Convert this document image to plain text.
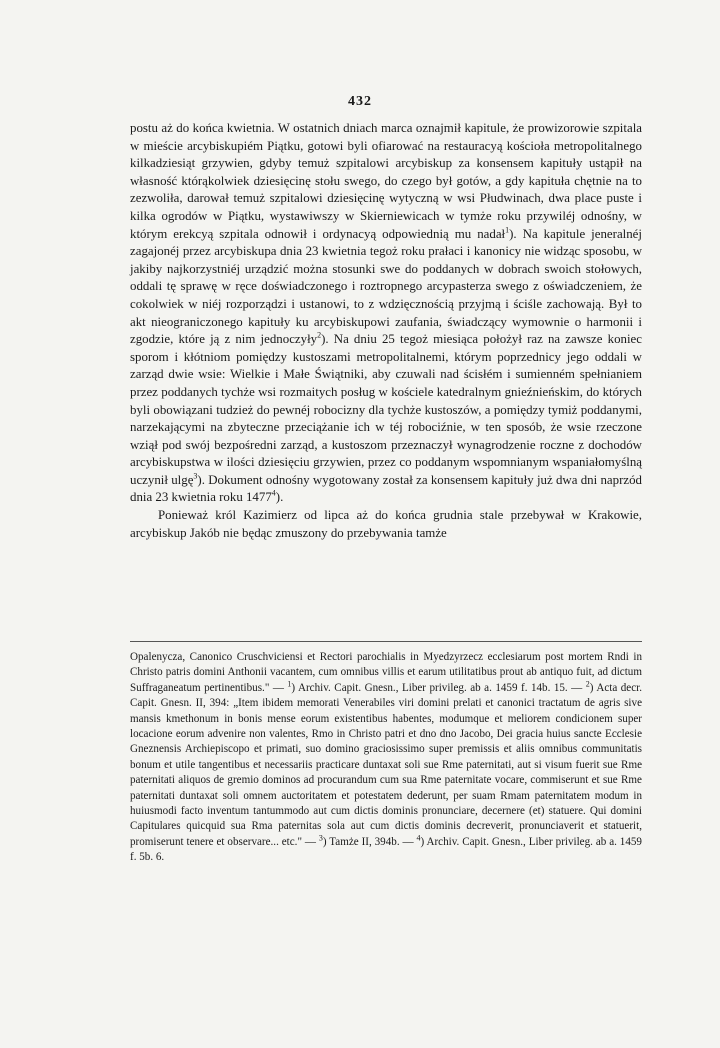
432

postu aż do końca kwietnia. W ostatnich dniach marca oznajmił kapitule, że prowizorowie szpitala w mieście arcybiskupiém Piątku, gotowi byli ofiarować na restauracyą kościoła metropolitalnego kilkadziesiąt grzywien, gdyby temuż szpitalowi arcybiskup za konsensem kapituły ustąpił na własność którąkolwiek dziesięcinę stołu swego, do czego był gotów, a gdy kapituła chętnie na to zezwoliła, darował temuż szpitalowi dziesięcinę wytyczną w wsi Płudwinach, dwa place puste i kilka ogrodów w Piątku, wystawiwszy w Skierniewicach w tymże roku przywiléj odnośny, w którym erekcyą szpitala odnowił i ordynacyą odpowiednią mu nadał$^1$). Na kapitule jeneralnéj zagajonéj przez arcybiskupa dnia 23 kwietnia tegoż roku prałaci i kanonicy nie widząc sposobu, w jakiby najkorzystniéj urządzić można stosunki swe do poddanych w dobrach swoich stołowych, oddali tę sprawę w ręce doświadczonego i roztropnego arcypasterza swego z oświadczeniem, że cokolwiek w niéj rozporządzi i ustanowi, to z wdzięcznością przyjmą i ściśle zachowają. Był to akt nieograniczonego kapituły ku arcybiskupowi zaufania, świadczący wymownie o harmonii i zgodzie, które ją z nim jednoczyły$^2$). Na dniu 25 tegoż miesiąca położył raz na zawsze koniec sporom i kłótniom pomiędzy kustoszami metropolitalnemi, którym poprzednicy jego oddali w zarząd dwie wsie: Wielkie i Małe Świątniki, aby czuwali nad ścisłém i sumienném spełnianiem przez poddanych tychże wsi rozmaitych posług w kościele katedralnym gnieźnieńskim, do których byli obowiązani tudzież do pewnéj robocizny dla tychże kustoszów, a pomiędzy tymiż poddanymi, narzekającymi na zbyteczne przeciążanie ich w téj robociźnie, w ten sposób, że wsie rzeczone wziął pod swój bezpośredni zarząd, a kustoszom przeznaczył wynagrodzenie roczne z dochodów arcybiskupstwa w ilości dziesięciu grzywien, przez co poddanym wspomnianym wspaniałomyślną uczynił ulgę$^3$). Dokument odnośny wygotowany został za konsensem kapituły już dwa dni naprzód dnia 23 kwietnia roku 1477$^4$).

Ponieważ król Kazimierz od lipca aż do końca grudnia stale przebywał w Krakowie, arcybiskup Jakób nie będąc zmuszony do przebywania tamże

Opalenycza, Canonico Cruschviciensi et Rectori parochialis in Myedzyrzecz ecclesiarum post mortem Rndi in Christo patris domini Anthonii vacantem, cum omnibus villis et earum utilitatibus prout ab antiquo fuit, ad dictum Suffraganeatum pertinentibus." — $^1$) Archiv. Capit. Gnesn., Liber privileg. ab a. 1459 f. 14b. 15. — $^2$) Acta decr. Capit. Gnesn. II, 394: „Item ibidem memorati Venerabiles viri domini prelati et canonici tractatum de agris sive mansis kmethonum in bonis mense eorum existentibus habentes, modumque et meliorem condicionem super locacione eorum advenire non valentes, Rmo in Christo patri et dno dno Jacobo, Dei gracia huius sancte Ecclesie Gneznensis Archiepiscopo et primati, suo domino graciosissimo super premissis et aliis omnibus communitatis bonum et utile tangentibus et necessariis practicare duntaxat soli sue Rme paternitati, aut si visum fuerit sue Rme paternitati aliquos de gremio dominos ad procurandum cum sua Rme paternitate vocare, commiserunt et sue Rme paternitati duntaxat soli omnem auctoritatem et potestatem dederunt, per suam Rmam paternitatem modum in huiusmodi facto inventum tantummodo aut cum dictis dominis pronunciare, decernere (et) statuere. Qui domini Capitulares quicquid sua Rma paternitas sola aut cum dictis dominis decreverit, pronunciaverit et statuerit, promiserunt tenere et observare... etc." — $^3$) Tamże II, 394b. — $^4$) Archiv. Capit. Gnesn., Liber privileg. ab a. 1459 f. 5b. 6.
